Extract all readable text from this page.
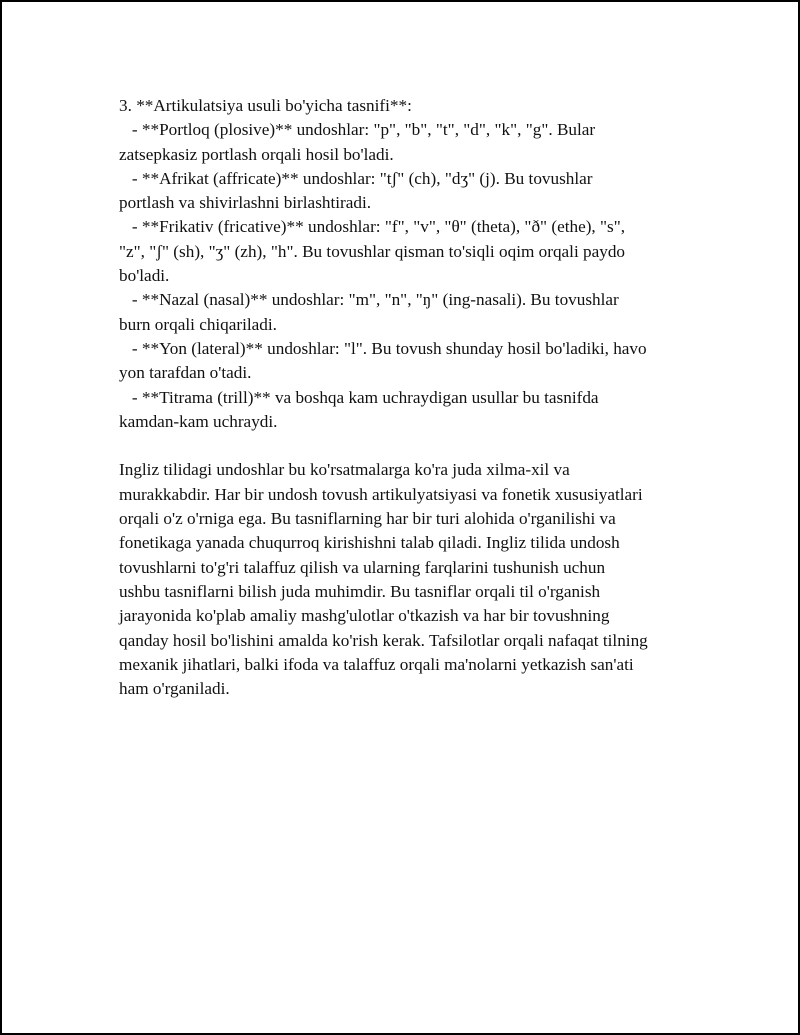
3. **Artikulatsiya usuli bo'yicha tasnifi**:
- **Portloq (plosive)** undoshlar: "p", "b", "t", "d", "k", "g". Bular
zatsepkasiz portlash orqali hosil bo'ladi.
- **Afrikat (affricate)** undoshlar: "tʃ" (ch), "dʒ" (j). Bu tovushlar
portlash va shivirlashni birlashtiradi.
- **Frikativ (fricative)** undoshlar: "f", "v", "θ" (theta), "ð" (ethe), "s",
"z", "ʃ" (sh), "ʒ" (zh), "h". Bu tovushlar qisman to'siqli oqim orqali paydo
bo'ladi.
- **Nazal (nasal)** undoshlar: "m", "n", "ŋ" (ing-nasali). Bu tovushlar
burn orqali chiqariladi.
- **Yon (lateral)** undoshlar: "l". Bu tovush shunday hosil bo'ladiki, havo
yon tarafdan o'tadi.
- **Titrama (trill)** va boshqa kam uchraydigan usullar bu tasnifda
kamdan-kam uchraydi.
Ingliz tilidagi undoshlar bu ko'rsatmalarga ko'ra juda xilma-xil va
murakkabdir. Har bir undosh tovush artikulyatsiyasi va fonetik xususiyatlari
orqali o'z o'rniga ega. Bu tasniflarning har bir turi alohida o'rganilishi va
fonetikaga yanada chuqurroq kirishishni talab qiladi. Ingliz tilida undosh
tovushlarni to'g'ri talaffuz qilish va ularning farqlarini tushunish uchun
ushbu tasniflarni bilish juda muhimdir. Bu tasniflar orqali til o'rganish
jarayonida ko'plab amaliy mashg'ulotlar o'tkazish va har bir tovushning
qanday hosil bo'lishini amalda ko'rish kerak. Tafsilotlar orqali nafaqat tilning
mexanik jihatlari, balki ifoda va talaffuz orqali ma'nolarni yetkazish san'ati
ham o'rganiladi.
